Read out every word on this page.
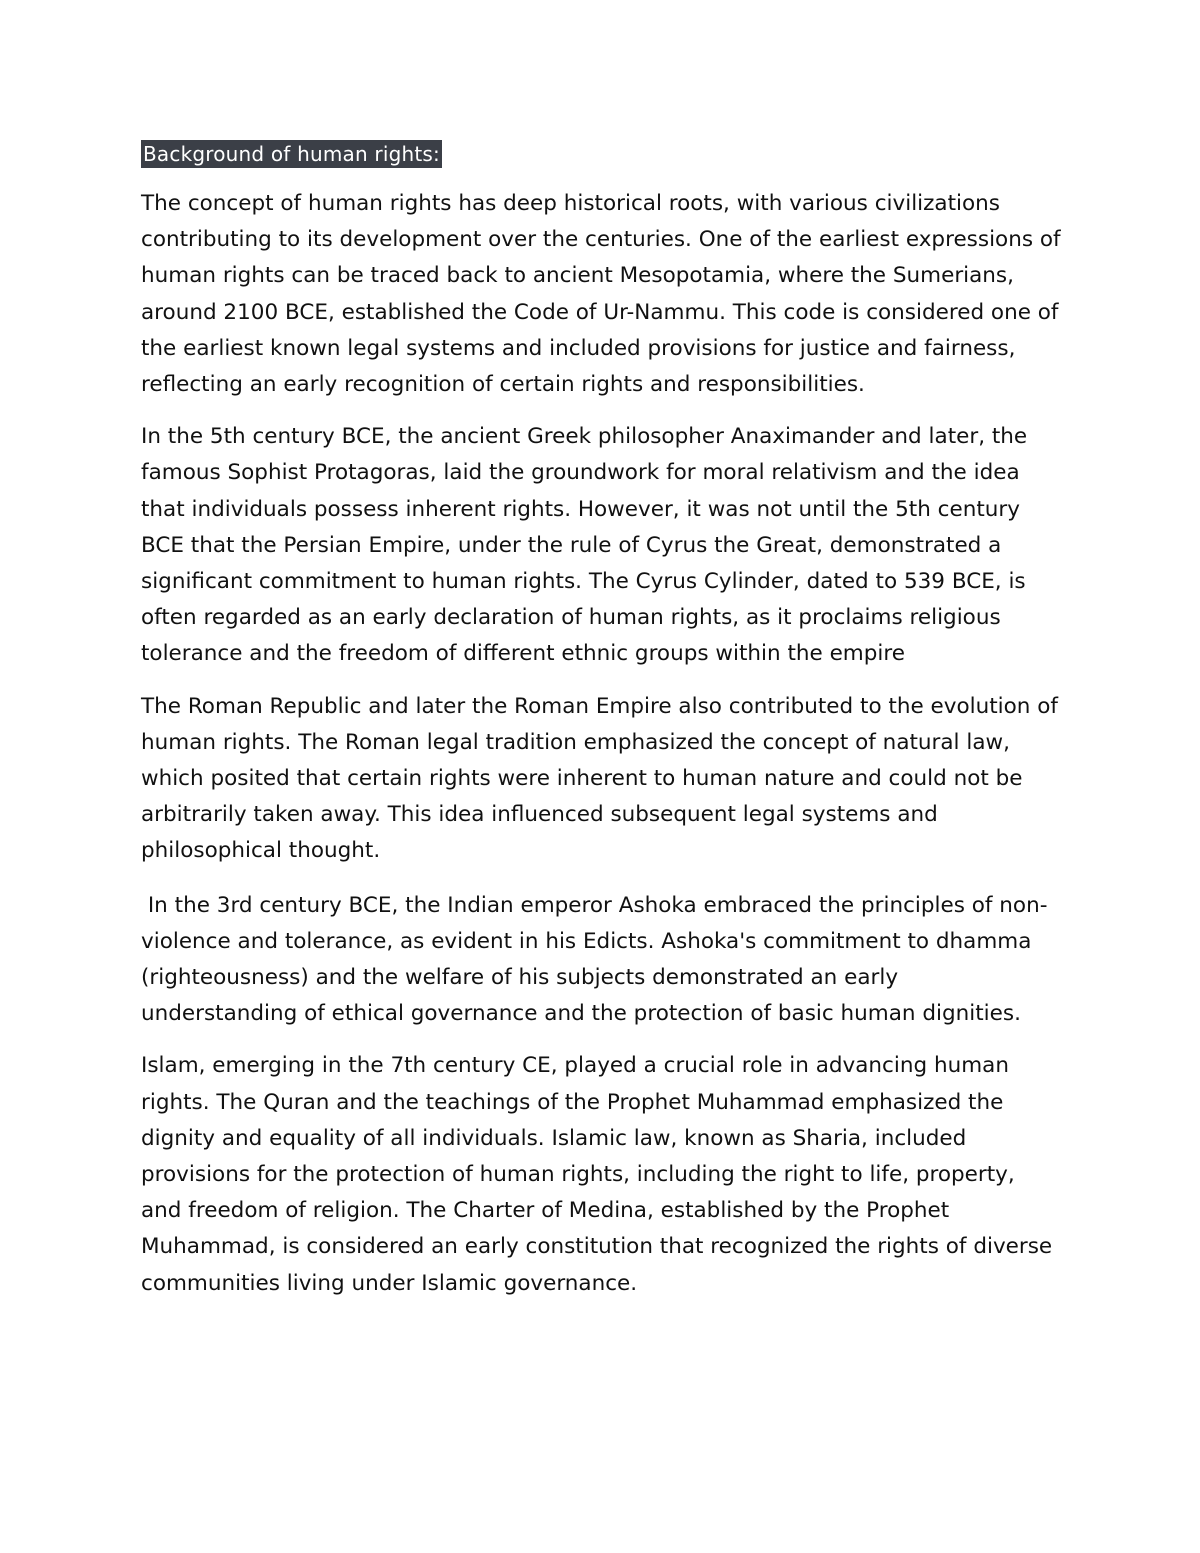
Background of human rights:

The concept of human rights has deep historical roots, with various civilizations contributing to its development over the centuries. One of the earliest expressions of human rights can be traced back to ancient Mesopotamia, where the Sumerians, around 2100 BCE, established the Code of Ur-Nammu. This code is considered one of the earliest known legal systems and included provisions for justice and fairness, reflecting an early recognition of certain rights and responsibilities.

In the 5th century BCE, the ancient Greek philosopher Anaximander and later, the famous Sophist Protagoras, laid the groundwork for moral relativism and the idea that individuals possess inherent rights. However, it was not until the 5th century BCE that the Persian Empire, under the rule of Cyrus the Great, demonstrated a significant commitment to human rights. The Cyrus Cylinder, dated to 539 BCE, is often regarded as an early declaration of human rights, as it proclaims religious tolerance and the freedom of different ethnic groups within the empire

The Roman Republic and later the Roman Empire also contributed to the evolution of human rights. The Roman legal tradition emphasized the concept of natural law, which posited that certain rights were inherent to human nature and could not be arbitrarily taken away. This idea influenced subsequent legal systems and philosophical thought.

In the 3rd century BCE, the Indian emperor Ashoka embraced the principles of non-violence and tolerance, as evident in his Edicts. Ashoka's commitment to dhamma (righteousness) and the welfare of his subjects demonstrated an early understanding of ethical governance and the protection of basic human dignities.

Islam, emerging in the 7th century CE, played a crucial role in advancing human rights. The Quran and the teachings of the Prophet Muhammad emphasized the dignity and equality of all individuals. Islamic law, known as Sharia, included provisions for the protection of human rights, including the right to life, property, and freedom of religion. The Charter of Medina, established by the Prophet Muhammad, is considered an early constitution that recognized the rights of diverse communities living under Islamic governance.
